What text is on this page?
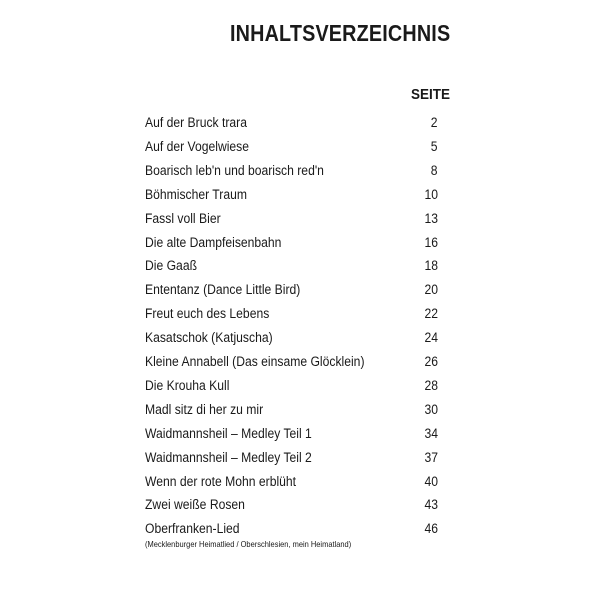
INHALTSVERZEICHNIS
SEITE
Auf der Bruck trara	2
Auf der Vogelwiese	5
Boarisch leb'n und boarisch red'n	8
Böhmischer Traum	10
Fassl voll Bier	13
Die alte Dampfeisenbahn	16
Die Gaaß	18
Ententanz (Dance Little Bird)	20
Freut euch des Lebens	22
Kasatschok (Katjuscha)	24
Kleine Annabell (Das einsame Glöcklein)	26
Die Krouha Kull	28
Madl sitz di her zu mir	30
Waidmannsheil – Medley Teil 1	34
Waidmannsheil – Medley Teil 2	37
Wenn der rote Mohn erblüht	40
Zwei weiße Rosen	43
Oberfranken-Lied	46
(Mecklenburger Heimatlied / Oberschlesien, mein Heimatland)
